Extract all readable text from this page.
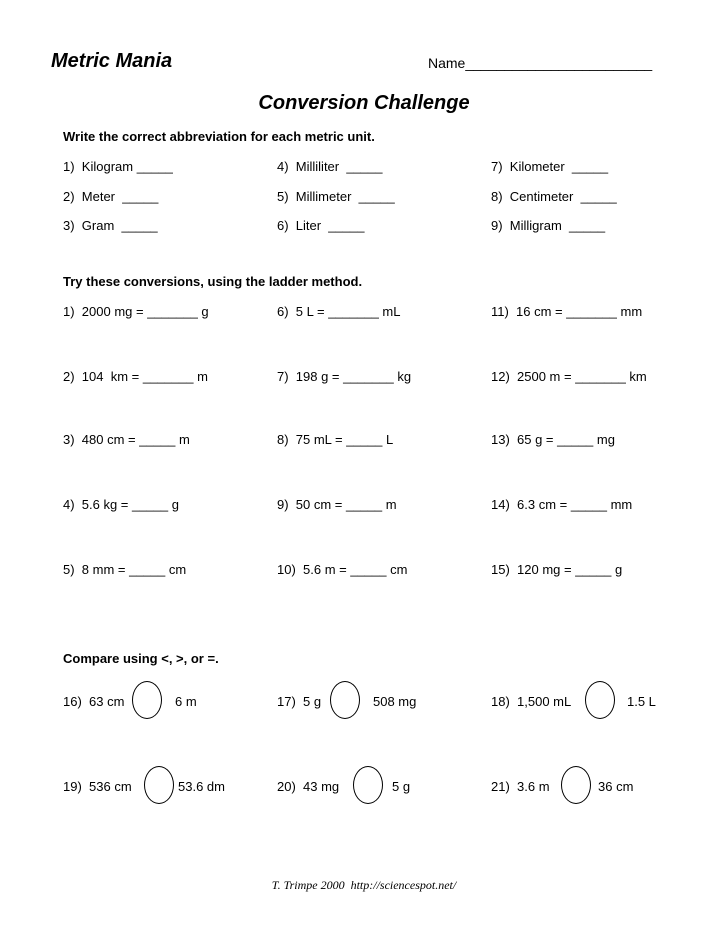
Metric Mania	Name________________________
Conversion Challenge
Write the correct abbreviation for each metric unit.
1)  Kilogram _____	4)  Milliliter  _____	7)  Kilometer  _____
2)  Meter  _____	5)  Millimeter  _____	8)  Centimeter  _____
3)  Gram  _____	6)  Liter  _____	9)  Milligram  _____
Try these conversions, using the ladder method.
1)  2000 mg = _______ g	6)  5 L = _______ mL	11)  16 cm = _______ mm
2)  104  km = _______ m	7)  198 g = _______ kg	12)  2500 m = _______ km
3)  480 cm = _____ m	8)  75 mL = _____ L	13)  65 g = _____ mg
4)  5.6 kg = _____ g	9)  50 cm = _____ m	14)  6.3 cm = _____ mm
5)  8 mm = _____ cm	10)  5.6 m = _____ cm	15)  120 mg = _____ g
Compare using <, >, or =.
16)  63 cm	6 m	17)  5 g	508 mg	18)  1,500 mL	1.5 L
19)  536 cm	53.6 dm	20)  43 mg	5 g	21)  3.6 m	36 cm
T. Trimpe 2000  http://sciencespot.net/
